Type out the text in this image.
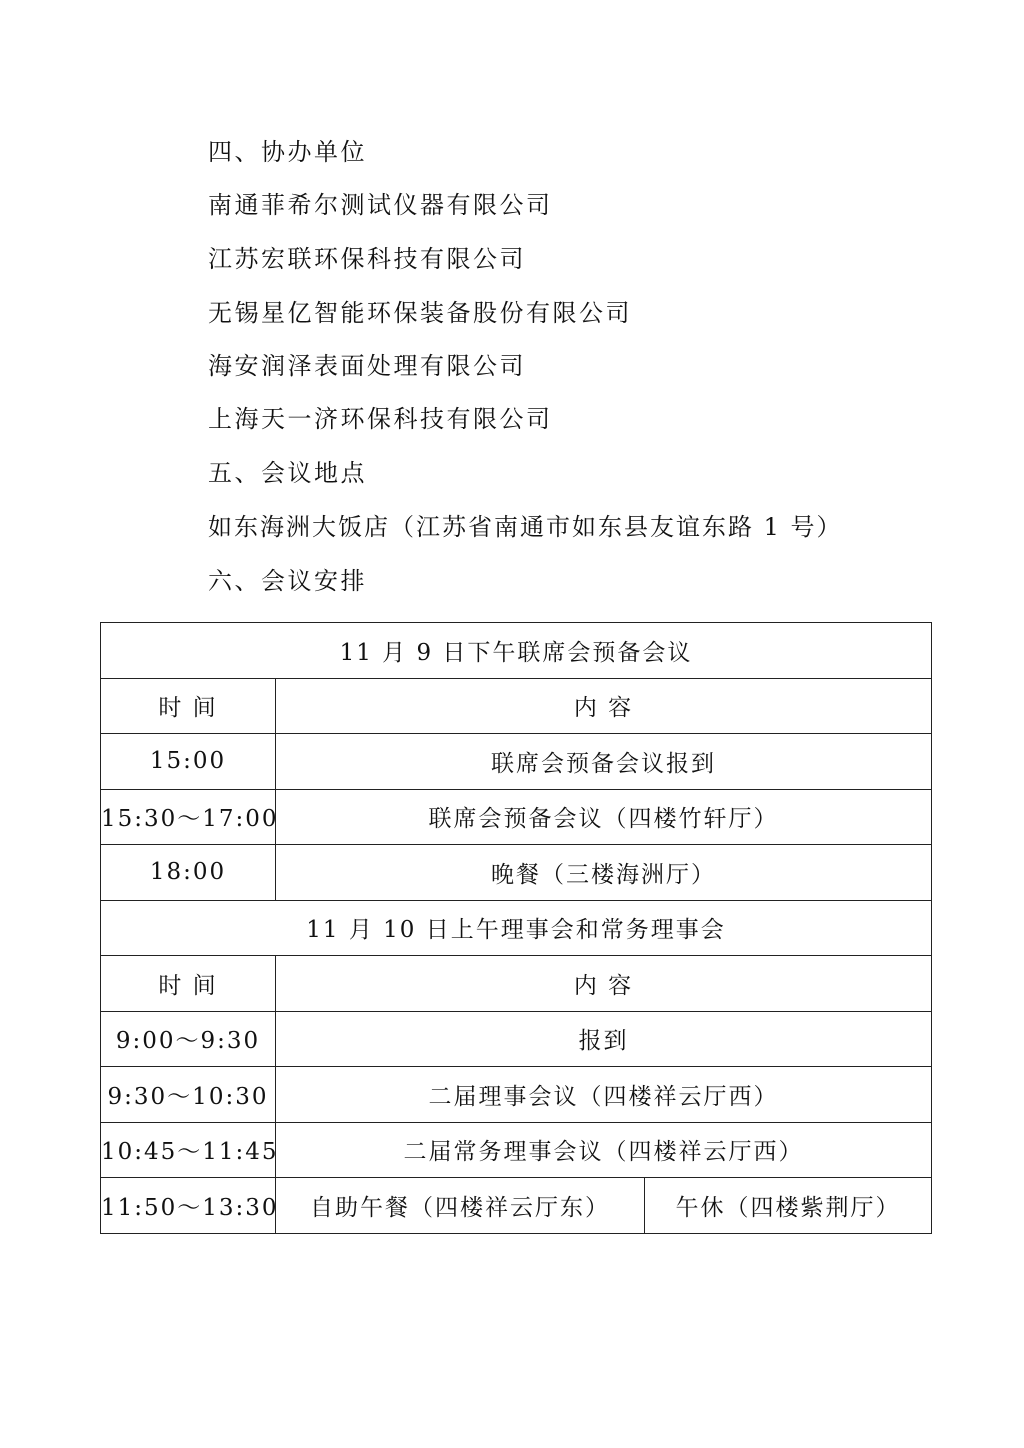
四、协办单位
南通菲希尔测试仪器有限公司
江苏宏联环保科技有限公司
无锡星亿智能环保装备股份有限公司
海安润泽表面处理有限公司
上海天一济环保科技有限公司
五、会议地点
如东海洲大饭店（江苏省南通市如东县友谊东路 1 号）
六、会议安排
11 月 9 日下午联席会预备会议		
时 间	内 容	
15:00	联席会预备会议报到	
15:30～17:00	联席会预备会议（四楼竹轩厅）	
18:00	晚餐（三楼海洲厅）	
11 月 10 日上午理事会和常务理事会		
时 间	内 容	
9:00～9:30	报到	
9:30～10:30	二届理事会议（四楼祥云厅西）	
10:45～11:45	二届常务理事会议（四楼祥云厅西）	
11:50～13:30	自助午餐（四楼祥云厅东）	午休（四楼紫荆厅）
